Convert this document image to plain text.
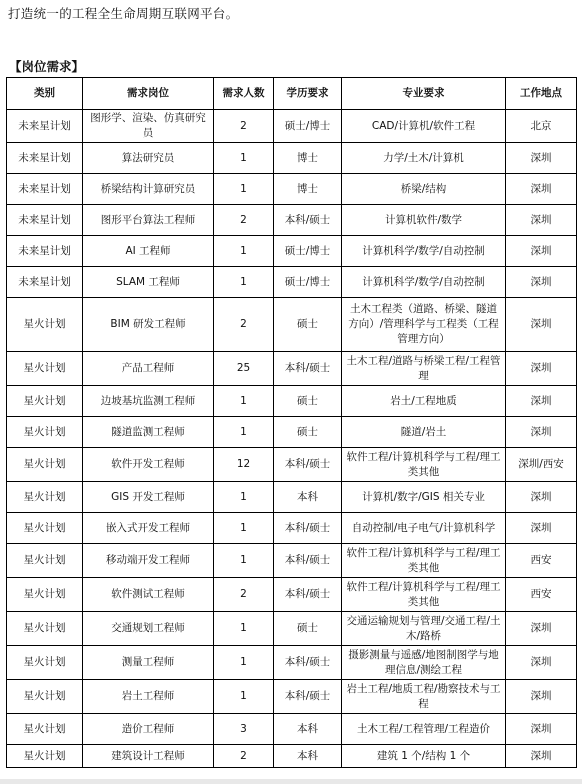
打造统一的工程全生命周期互联网平台。
【岗位需求】
类别	需求岗位	需求人数	学历要求	专业要求	工作地点
未来星计划	图形学、渲染、仿真研究员	2	硕士/博士	CAD/计算机/软件工程	北京
未来星计划	算法研究员	1	博士	力学/土木/计算机	深圳
未来星计划	桥梁结构计算研究员	1	博士	桥梁/结构	深圳
未来星计划	图形平台算法工程师	2	本科/硕士	计算机软件/数学	深圳
未来星计划	AI 工程师	1	硕士/博士	计算机科学/数学/自动控制	深圳
未来星计划	SLAM 工程师	1	硕士/博士	计算机科学/数学/自动控制	深圳
星火计划	BIM 研发工程师	2	硕士	土木工程类（道路、桥梁、隧道方向）/管理科学与工程类（工程管理方向）	深圳
星火计划	产品工程师	25	本科/硕士	土木工程/道路与桥梁工程/工程管理	深圳
星火计划	边坡基坑监测工程师	1	硕士	岩土/工程地质	深圳
星火计划	隧道监测工程师	1	硕士	隧道/岩土	深圳
星火计划	软件开发工程师	12	本科/硕士	软件工程/计算机科学与工程/理工类其他	深圳/西安
星火计划	GIS 开发工程师	1	本科	计算机/数字/GIS 相关专业	深圳
星火计划	嵌入式开发工程师	1	本科/硕士	自动控制/电子电气/计算机科学	深圳
星火计划	移动端开发工程师	1	本科/硕士	软件工程/计算机科学与工程/理工类其他	西安
星火计划	软件测试工程师	2	本科/硕士	软件工程/计算机科学与工程/理工类其他	西安
星火计划	交通规划工程师	1	硕士	交通运输规划与管理/交通工程/土木/路桥	深圳
星火计划	测量工程师	1	本科/硕士	摄影测量与遥感/地图制图学与地理信息/测绘工程	深圳
星火计划	岩土工程师	1	本科/硕士	岩土工程/地质工程/勘察技术与工程	深圳
星火计划	造价工程师	3	本科	土木工程/工程管理/工程造价	深圳
星火计划	建筑设计工程师	2	本科	建筑 1 个/结构 1 个	深圳
